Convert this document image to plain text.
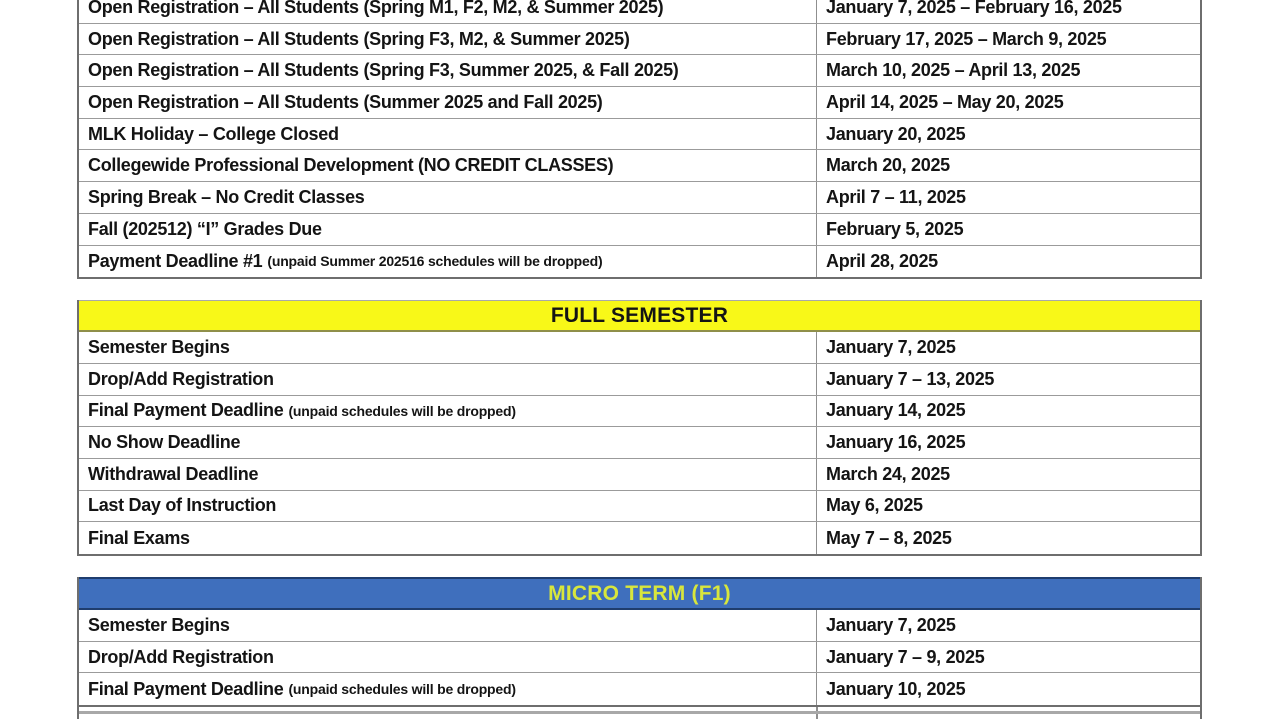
Open Registration – All Students (Spring M1, F2, M2, & Summer 2025)	January 7, 2025 – February 16, 2025
Open Registration – All Students (Spring F3, M2, & Summer 2025)	February 17, 2025 – March 9, 2025
Open Registration – All Students (Spring F3, Summer 2025, & Fall 2025)	March 10, 2025 – April 13, 2025
Open Registration – All Students (Summer 2025 and Fall 2025)	April 14, 2025 – May 20, 2025
MLK Holiday – College Closed	January 20, 2025
Collegewide Professional Development (NO CREDIT CLASSES)	March 20, 2025
Spring Break – No Credit Classes	April 7 – 11, 2025
Fall (202512) “I” Grades Due	February 5, 2025
Payment Deadline #1 (unpaid Summer 202516 schedules will be dropped)	April 28, 2025
FULL SEMESTER
Semester Begins	January 7, 2025
Drop/Add Registration	January 7 – 13, 2025
Final Payment Deadline (unpaid schedules will be dropped)	January 14, 2025
No Show Deadline	January 16, 2025
Withdrawal Deadline	March 24, 2025
Last Day of Instruction	May 6, 2025
Final Exams	May 7 – 8, 2025
MICRO TERM (F1)
Semester Begins	January 7, 2025
Drop/Add Registration	January 7 – 9, 2025
Final Payment Deadline (unpaid schedules will be dropped)	January 10, 2025
